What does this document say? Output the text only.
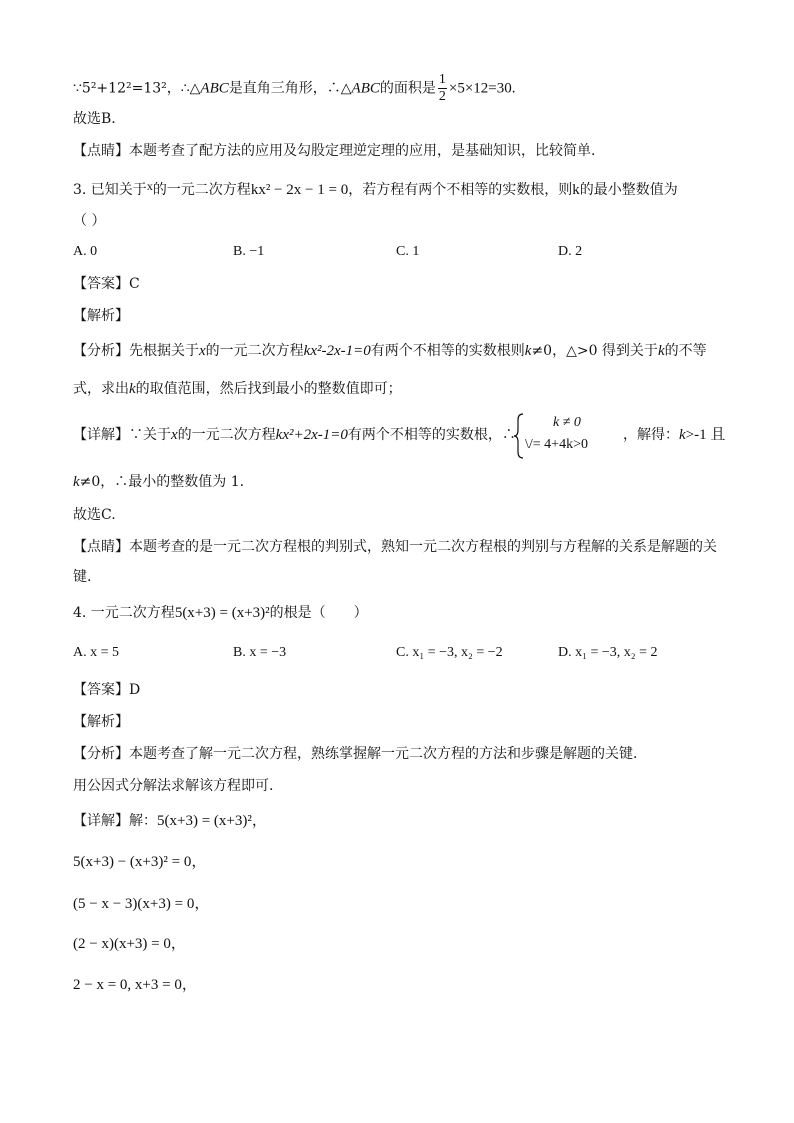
∵5²+12²=13²，∴△ABC是直角三角形，∴△ABC的面积是 $\frac{1}{2} \times 5\times 12=30$.
故选B.
【点睛】本题考查了配方法的应用及勾股定理逆定理的应用，是基础知识，比较简单.
3. 已知关于x的一元二次方程kx² − 2x − 1 = 0，若方程有两个不相等的实数根，则k的最小整数值为
（ ）
A. 0	B. −1	C. 1	D. 2
【答案】C
【解析】
【分析】先根据关于x的一元二次方程kx²-2x-1=0有两个不相等的实数根则k≠0，△>0 得到关于k的不等
式，求出k的取值范围，然后找到最小的整数值即可；
【详解】∵关于x的一元二次方程kx²+2x-1=0有两个不相等的实数根，∴
k ≠ 0
\/= 4+4k>0
，解得：k>-1 且
k≠0，∴最小的整数值为 1.
故选C.
【点睛】本题考查的是一元二次方程根的判别式，熟知一元二次方程根的判别与方程解的关系是解题的关
键.
4. 一元二次方程5(x+3) = (x+3)²的根是（　　）
A. x = 5	B. x = −3	C. x₁ = −3, x₂ = −2	D. x₁ = −3, x₂ = 2
【答案】D
【解析】
【分析】本题考查了解一元二次方程，熟练掌握解一元二次方程的方法和步骤是解题的关键.
用公因式分解法求解该方程即可.
【详解】解：5(x+3) = (x+3)²，
5(x+3) − (x+3)² = 0，
(5 − x − 3)(x+3) = 0，
(2 − x)(x+3) = 0，
2 − x = 0, x+3 = 0，
